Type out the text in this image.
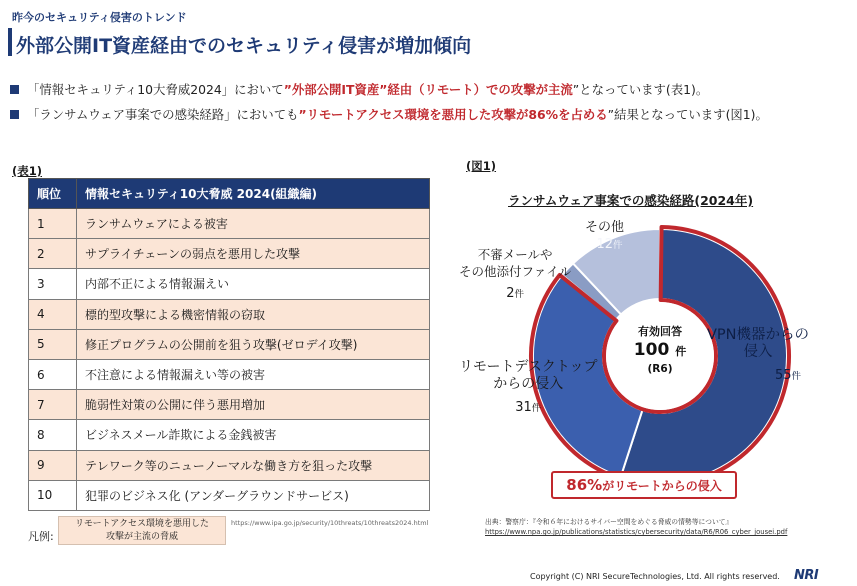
昨今のセキュリティ侵害のトレンド
外部公開IT資産経由でのセキュリティ侵害が増加傾向
「情報セキュリティ10大脅威2024」において”外部公開IT資産”経由（リモート）での攻撃が主流”となっています(表1)。
「ランサムウェア事案での感染経路」においても”リモートアクセス環境を悪用した攻撃が86%を占める”結果となっています(図1)。
(表1)
順位	情報セキュリティ10大脅威 2024(組織編)
1	ランサムウェアによる被害
2	サプライチェーンの弱点を悪用した攻撃
3	内部不正による情報漏えい
4	標的型攻撃による機密情報の窃取
5	修正プログラムの公開前を狙う攻撃(ゼロデイ攻撃)
6	不注意による情報漏えい等の被害
7	脆弱性対策の公開に伴う悪用増加
8	ビジネスメール詐欺による金銭被害
9	テレワーク等のニューノーマルな働き方を狙った攻撃
10	犯罪のビジネス化 (アンダーグラウンドサービス)
凡例:
リモートアクセス環境を悪用した
攻撃が主流の脅威
https://www.ipa.go.jp/security/10threats/10threats2024.html
(図1)
ランサムウェア事案での感染経路(2024年)
その他
12件
不審メールや
その他添付ファイル
2件
リモートデスクトップ
からの侵入
31件
VPN機器からの
侵入
55件
有効回答
100 件
(R6)
86%がリモートからの侵入
出典：警察庁：『令和６年におけるサイバー空間をめぐる脅威の情勢等について』
https://www.npa.go.jp/publications/statistics/cybersecurity/data/R6/R06_cyber_jousei.pdf
Copyright (C) NRI SecureTechnologies, Ltd. All rights reserved. NRI
